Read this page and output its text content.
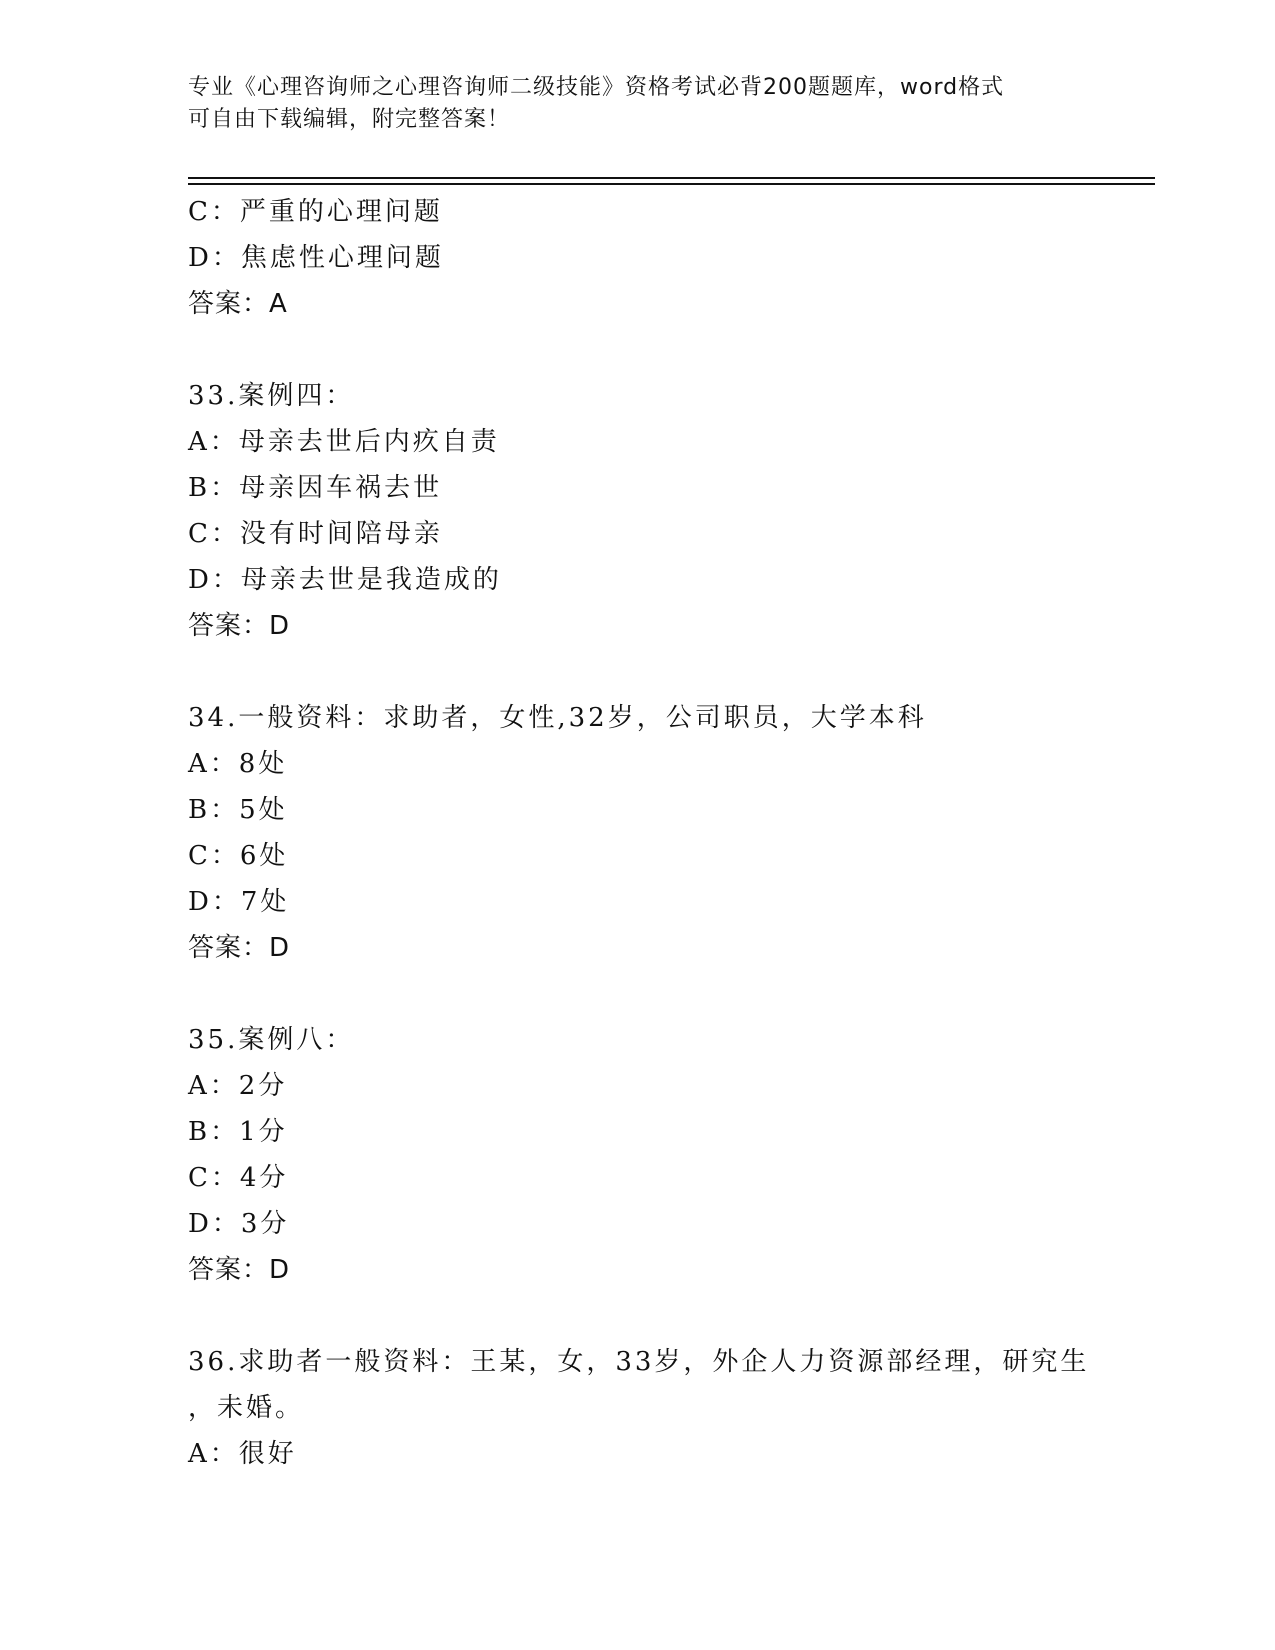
专业《心理咨询师之心理咨询师二级技能》资格考试必背200题题库，word格式
可自由下载编辑，附完整答案！
C：严重的心理问题
D：焦虑性心理问题
答案：A
33.案例四：
A：母亲去世后内疚自责
B：母亲因车祸去世
C：没有时间陪母亲
D：母亲去世是我造成的
答案：D
34.一般资料：求助者，女性,32岁，公司职员，大学本科
A：8处
B：5处
C：6处
D：7处
答案：D
35.案例八：
A：2分
B：1分
C：4分
D：3分
答案：D
36.求助者一般资料：王某，女，33岁，外企人力资源部经理，研究生
，未婚。
A：很好
